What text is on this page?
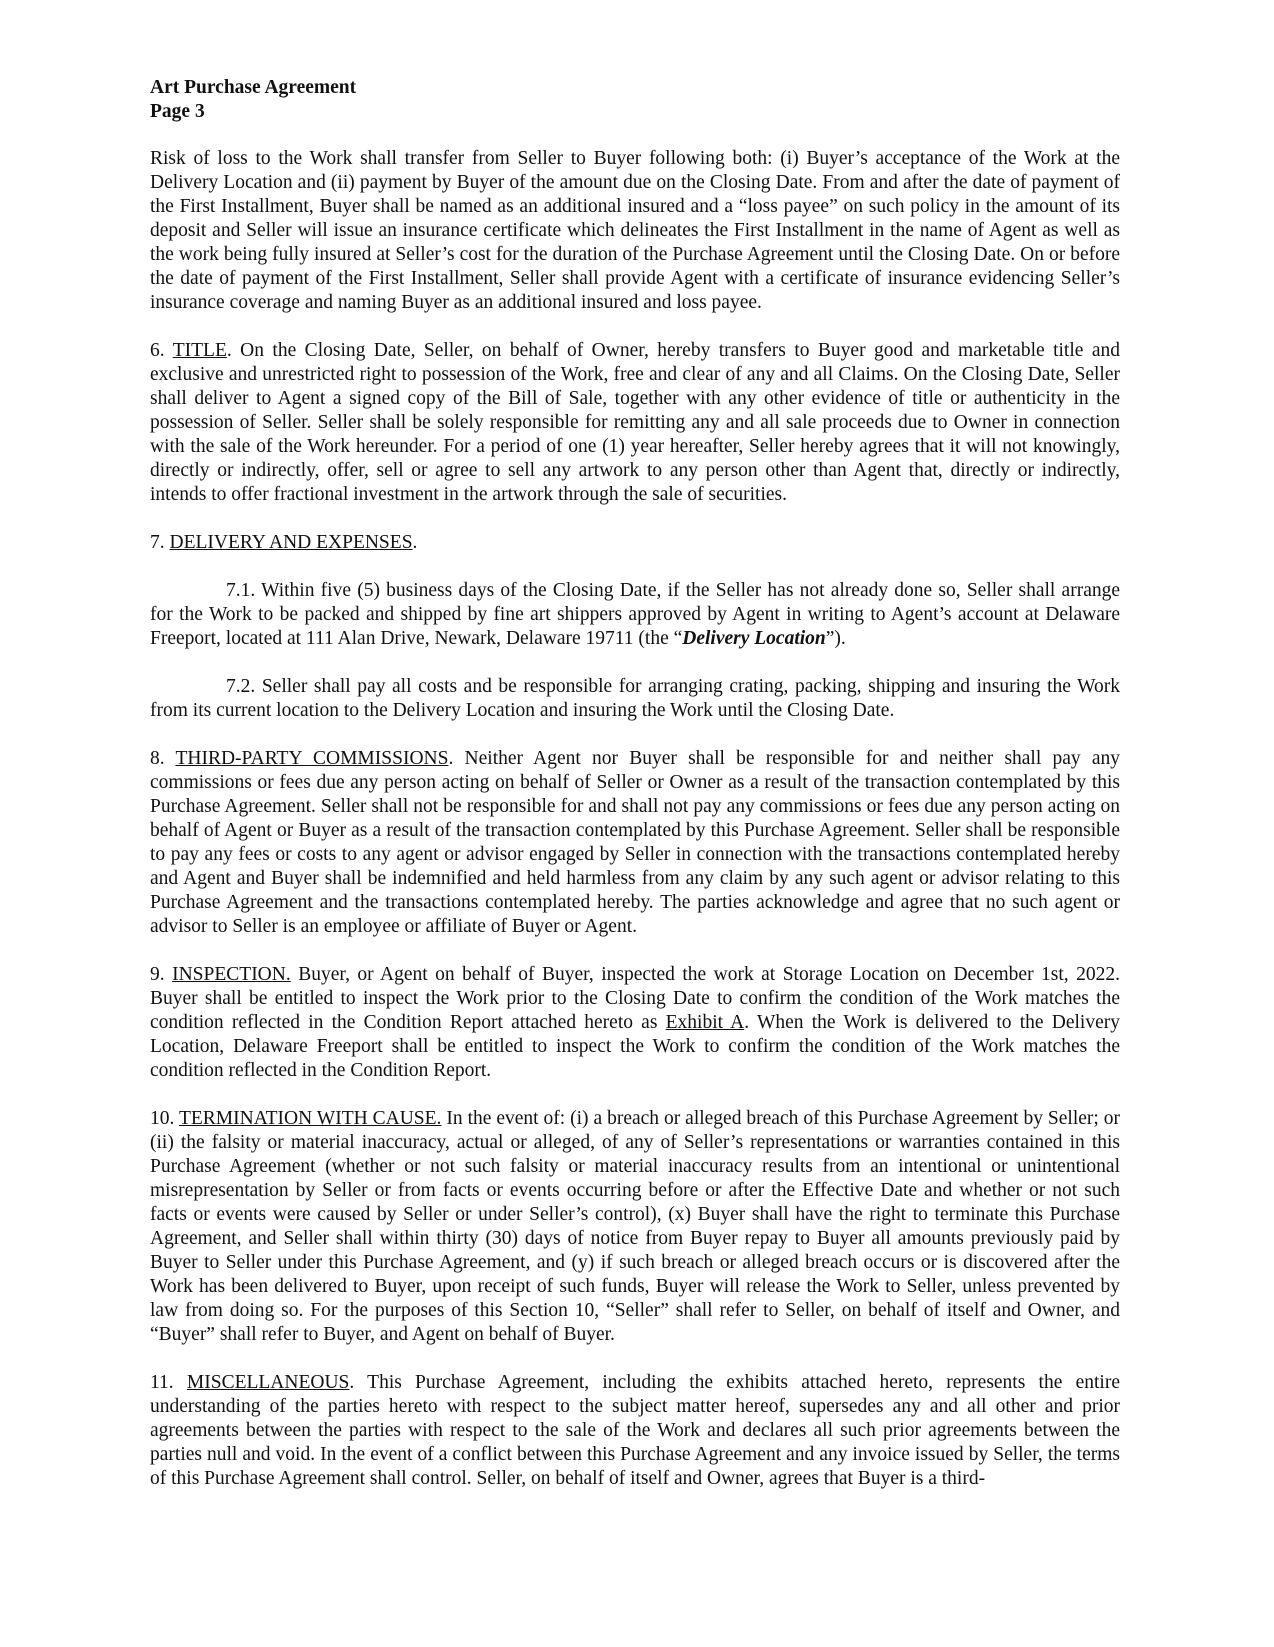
Art Purchase Agreement

Page 3

Risk of loss to the Work shall transfer from Seller to Buyer following both: (i) Buyer’s acceptance of the Work at the Delivery Location and (ii) payment by Buyer of the amount due on the Closing Date. From and after the date of payment of the First Installment, Buyer shall be named as an additional insured and a “loss payee” on such policy in the amount of its deposit and Seller will issue an insurance certificate which delineates the First Installment in the name of Agent as well as the work being fully insured at Seller’s cost for the duration of the Purchase Agreement until the Closing Date. On or before the date of payment of the First Installment, Seller shall provide Agent with a certificate of insurance evidencing Seller’s insurance coverage and naming Buyer as an additional insured and loss payee.

6. TITLE. On the Closing Date, Seller, on behalf of Owner, hereby transfers to Buyer good and marketable title and exclusive and unrestricted right to possession of the Work, free and clear of any and all Claims. On the Closing Date, Seller shall deliver to Agent a signed copy of the Bill of Sale, together with any other evidence of title or authenticity in the possession of Seller. Seller shall be solely responsible for remitting any and all sale proceeds due to Owner in connection with the sale of the Work hereunder. For a period of one (1) year hereafter, Seller hereby agrees that it will not knowingly, directly or indirectly, offer, sell or agree to sell any artwork to any person other than Agent that, directly or indirectly, intends to offer fractional investment in the artwork through the sale of securities.

7. DELIVERY AND EXPENSES.

7.1. Within five (5) business days of the Closing Date, if the Seller has not already done so, Seller shall arrange for the Work to be packed and shipped by fine art shippers approved by Agent in writing to Agent’s account at Delaware Freeport, located at 111 Alan Drive, Newark, Delaware 19711 (the “Delivery Location”).

7.2. Seller shall pay all costs and be responsible for arranging crating, packing, shipping and insuring the Work from its current location to the Delivery Location and insuring the Work until the Closing Date.

8. THIRD-PARTY COMMISSIONS. Neither Agent nor Buyer shall be responsible for and neither shall pay any commissions or fees due any person acting on behalf of Seller or Owner as a result of the transaction contemplated by this Purchase Agreement. Seller shall not be responsible for and shall not pay any commissions or fees due any person acting on behalf of Agent or Buyer as a result of the transaction contemplated by this Purchase Agreement. Seller shall be responsible to pay any fees or costs to any agent or advisor engaged by Seller in connection with the transactions contemplated hereby and Agent and Buyer shall be indemnified and held harmless from any claim by any such agent or advisor relating to this Purchase Agreement and the transactions contemplated hereby. The parties acknowledge and agree that no such agent or advisor to Seller is an employee or affiliate of Buyer or Agent.

9. INSPECTION. Buyer, or Agent on behalf of Buyer, inspected the work at Storage Location on December 1st, 2022. Buyer shall be entitled to inspect the Work prior to the Closing Date to confirm the condition of the Work matches the condition reflected in the Condition Report attached hereto as Exhibit A. When the Work is delivered to the Delivery Location, Delaware Freeport shall be entitled to inspect the Work to confirm the condition of the Work matches the condition reflected in the Condition Report.

10. TERMINATION WITH CAUSE. In the event of: (i) a breach or alleged breach of this Purchase Agreement by Seller; or (ii) the falsity or material inaccuracy, actual or alleged, of any of Seller’s representations or warranties contained in this Purchase Agreement (whether or not such falsity or material inaccuracy results from an intentional or unintentional misrepresentation by Seller or from facts or events occurring before or after the Effective Date and whether or not such facts or events were caused by Seller or under Seller’s control), (x) Buyer shall have the right to terminate this Purchase Agreement, and Seller shall within thirty (30) days of notice from Buyer repay to Buyer all amounts previously paid by Buyer to Seller under this Purchase Agreement, and (y) if such breach or alleged breach occurs or is discovered after the Work has been delivered to Buyer, upon receipt of such funds, Buyer will release the Work to Seller, unless prevented by law from doing so. For the purposes of this Section 10, “Seller” shall refer to Seller, on behalf of itself and Owner, and “Buyer” shall refer to Buyer, and Agent on behalf of Buyer.

11. MISCELLANEOUS. This Purchase Agreement, including the exhibits attached hereto, represents the entire understanding of the parties hereto with respect to the subject matter hereof, supersedes any and all other and prior agreements between the parties with respect to the sale of the Work and declares all such prior agreements between the parties null and void. In the event of a conflict between this Purchase Agreement and any invoice issued by Seller, the terms of this Purchase Agreement shall control. Seller, on behalf of itself and Owner, agrees that Buyer is a third-
